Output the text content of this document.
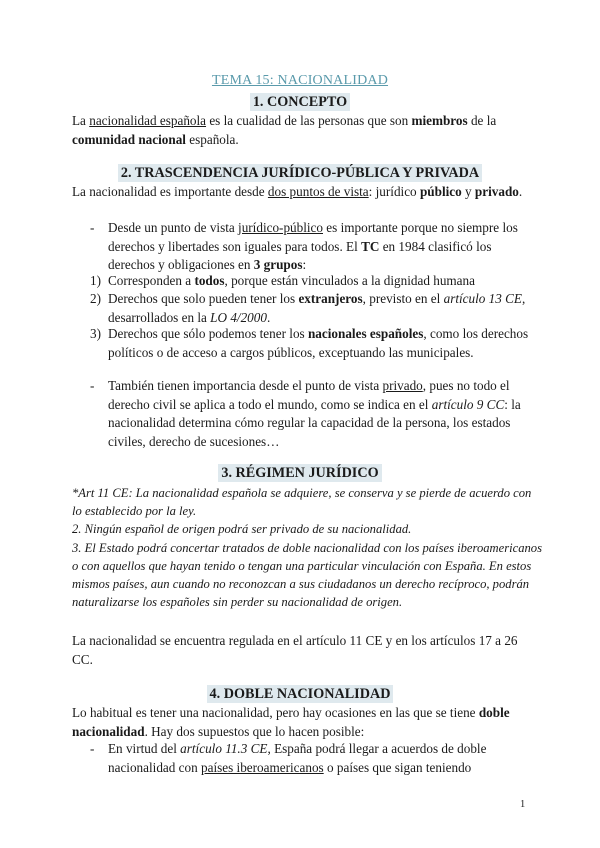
TEMA 15: NACIONALIDAD
1. CONCEPTO
La nacionalidad española es la cualidad de las personas que son miembros de la comunidad nacional española.
2. TRASCENDENCIA JURÍDICO-PÚBLICA Y PRIVADA
La nacionalidad es importante desde dos puntos de vista: jurídico público y privado.
-	Desde un punto de vista jurídico-público es importante porque no siempre los derechos y libertades son iguales para todos. El TC en 1984 clasificó los derechos y obligaciones en 3 grupos:
1) Corresponden a todos, porque están vinculados a la dignidad humana
2) Derechos que solo pueden tener los extranjeros, previsto en el artículo 13 CE, desarrollados en la LO 4/2000.
3) Derechos que sólo podemos tener los nacionales españoles, como los derechos políticos o de acceso a cargos públicos, exceptuando las municipales.
-	También tienen importancia desde el punto de vista privado, pues no todo el derecho civil se aplica a todo el mundo, como se indica en el artículo 9 CC: la nacionalidad determina cómo regular la capacidad de la persona, los estados civiles, derecho de sucesiones…
3. RÉGIMEN JURÍDICO
*Art 11 CE: La nacionalidad española se adquiere, se conserva y se pierde de acuerdo con lo establecido por la ley.
2. Ningún español de origen podrá ser privado de su nacionalidad.
3. El Estado podrá concertar tratados de doble nacionalidad con los países iberoamericanos o con aquellos que hayan tenido o tengan una particular vinculación con España. En estos mismos países, aun cuando no reconozcan a sus ciudadanos un derecho recíproco, podrán naturalizarse los españoles sin perder su nacionalidad de origen.
La nacionalidad se encuentra regulada en el artículo 11 CE y en los artículos 17 a 26 CC.
4. DOBLE NACIONALIDAD
Lo habitual es tener una nacionalidad, pero hay ocasiones en las que se tiene doble nacionalidad. Hay dos supuestos que lo hacen posible:
-	En virtud del artículo 11.3 CE, España podrá llegar a acuerdos de doble nacionalidad con países iberoamericanos o países que sigan teniendo
1
